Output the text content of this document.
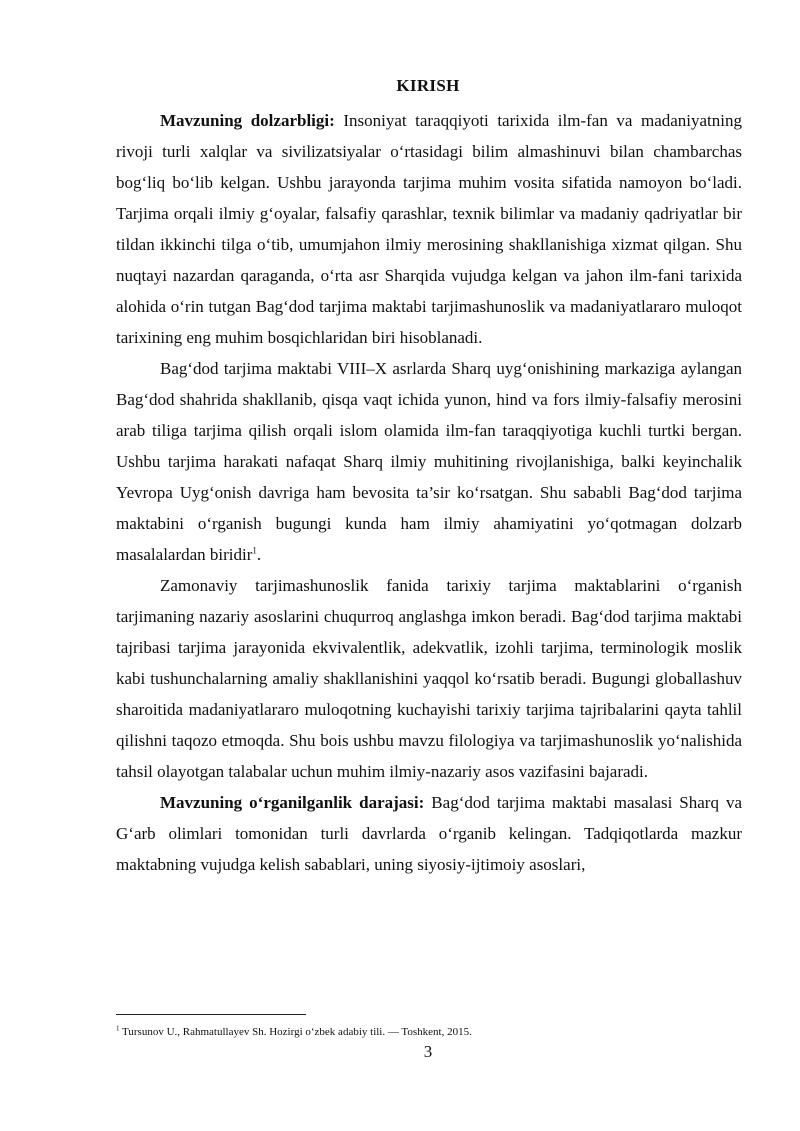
KIRISH

Mavzuning dolzarbligi: Insoniyat taraqqiyoti tarixida ilm-fan va madaniyatning rivoji turli xalqlar va sivilizatsiyalar o‘rtasidagi bilim almashinuvi bilan chambarchas bog‘liq bo‘lib kelgan. Ushbu jarayonda tarjima muhim vosita sifatida namoyon bo‘ladi. Tarjima orqali ilmiy g‘oyalar, falsafiy qarashlar, texnik bilimlar va madaniy qadriyatlar bir tildan ikkinchi tilga o‘tib, umumjahon ilmiy merosining shakllanishiga xizmat qilgan. Shu nuqtayi nazardan qaraganda, o‘rta asr Sharqida vujudga kelgan va jahon ilm-fani tarixida alohida o‘rin tutgan Bag‘dod tarjima maktabi tarjimashunoslik va madaniyatlararo muloqot tarixining eng muhim bosqichlaridan biri hisoblanadi.

Bag‘dod tarjima maktabi VIII–X asrlarda Sharq uyg‘onishining markaziga aylangan Bag‘dod shahrida shakllanib, qisqa vaqt ichida yunon, hind va fors ilmiy-falsafiy merosini arab tiliga tarjima qilish orqali islom olamida ilm-fan taraqqiyotiga kuchli turtki bergan. Ushbu tarjima harakati nafaqat Sharq ilmiy muhitining rivojlanishiga, balki keyinchalik Yevropa Uyg‘onish davriga ham bevosita ta’sir ko‘rsatgan. Shu sababli Bag‘dod tarjima maktabini o‘rganish bugungi kunda ham ilmiy ahamiyatini yo‘qotmagan dolzarb masalalardan biridir$^1$.

Zamonaviy tarjimashunoslik fanida tarixiy tarjima maktablarini o‘rganish tarjimaning nazariy asoslarini chuqurroq anglashga imkon beradi. Bag‘dod tarjima maktabi tajribasi tarjima jarayonida ekvivalentlik, adekvatlik, izohli tarjima, terminologik moslik kabi tushunchalarning amaliy shakllanishini yaqqol ko‘rsatib beradi. Bugungi globallashuv sharoitida madaniyatlararo muloqotning kuchayishi tarixiy tarjima tajribalarini qayta tahlil qilishni taqozo etmoqda. Shu bois ushbu mavzu filologiya va tarjimashunoslik yo‘nalishida tahsil olayotgan talabalar uchun muhim ilmiy-nazariy asos vazifasini bajaradi.

Mavzuning o‘rganilganlik darajasi: Bag‘dod tarjima maktabi masalasi Sharq va G‘arb olimlari tomonidan turli davrlarda o‘rganib kelingan. Tadqiqotlarda mazkur maktabning vujudga kelish sabablari, uning siyosiy-ijtimoiy asoslari,

$^1$ Tursunov U., Rahmatullayev Sh. Hozirgi o‘zbek adabiy tili. — Toshkent, 2015.
3
